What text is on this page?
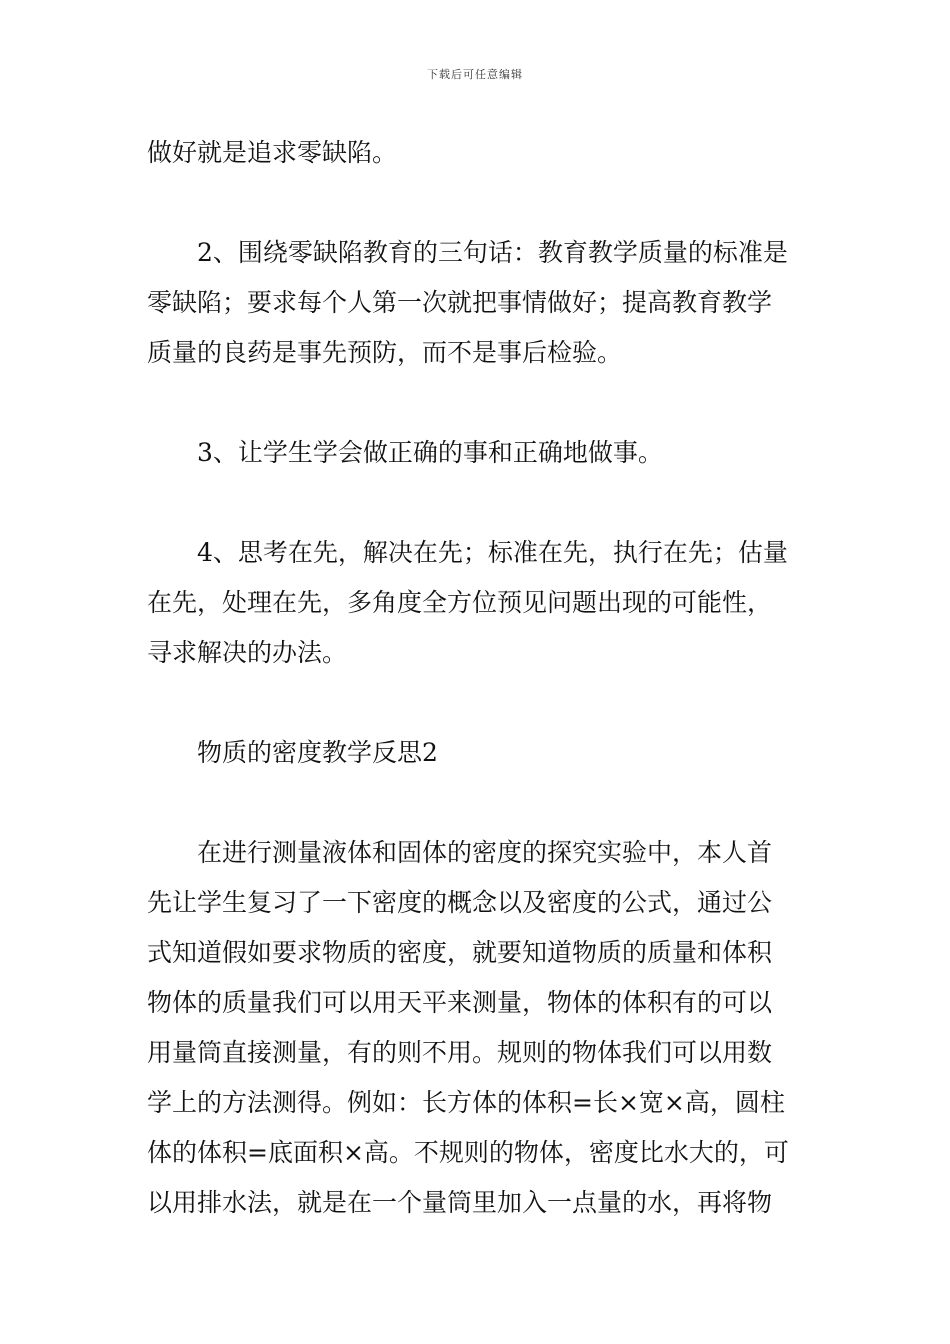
下载后可任意编辑
做好就是追求零缺陷。
2、围绕零缺陷教育的三句话：教育教学质量的标准是
零缺陷；要求每个人第一次就把事情做好；提高教育教学
质量的良药是事先预防，而不是事后检验。
3、让学生学会做正确的事和正确地做事。
4、思考在先，解决在先；标准在先，执行在先；估量
在先，处理在先，多角度全方位预见问题出现的可能性，
寻求解决的办法。
物质的密度教学反思2
在进行测量液体和固体的密度的探究实验中，本人首
先让学生复习了一下密度的概念以及密度的公式，通过公
式知道假如要求物质的密度，就要知道物质的质量和体积
物体的质量我们可以用天平来测量，物体的体积有的可以
用量筒直接测量，有的则不用。规则的物体我们可以用数
学上的方法测得。例如：长方体的体积=长×宽×高，圆柱
体的体积=底面积×高。不规则的物体，密度比水大的，可
以用排水法，就是在一个量筒里加入一点量的水，再将物
